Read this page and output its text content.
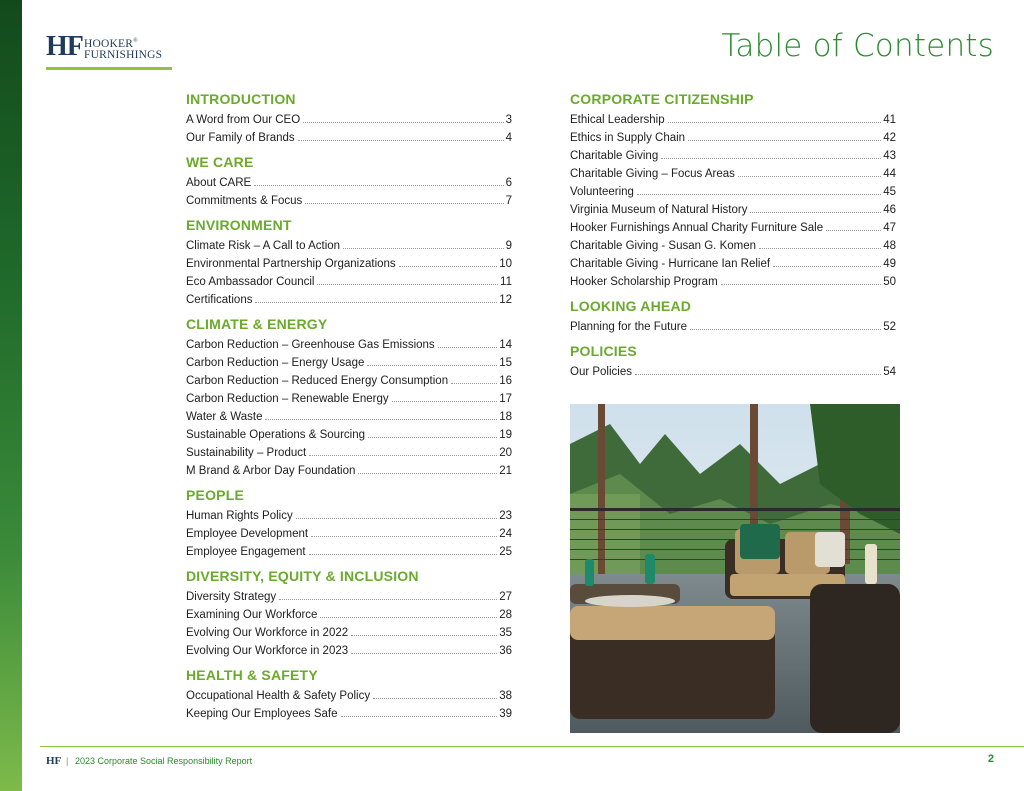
HF HOOKER®
FURNISHINGS	Table of Contents
INTRODUCTION
A Word from Our CEO	3
Our Family of Brands	4
WE CARE
About CARE	6
Commitments & Focus	7
ENVIRONMENT
Climate Risk – A Call to Action	9
Environmental Partnership Organizations	10
Eco Ambassador Council	11
Certifications	12
CLIMATE & ENERGY
Carbon Reduction – Greenhouse Gas Emissions	14
Carbon Reduction – Energy Usage	15
Carbon Reduction – Reduced Energy Consumption	16
Carbon Reduction – Renewable Energy	17
Water & Waste	18
Sustainable Operations & Sourcing	19
Sustainability – Product	20
M Brand & Arbor Day Foundation	21
PEOPLE
Human Rights Policy	23
Employee Development	24
Employee Engagement	25
DIVERSITY, EQUITY & INCLUSION
Diversity Strategy	27
Examining Our Workforce	28
Evolving Our Workforce in 2022	35
Evolving Our Workforce in 2023	36
HEALTH & SAFETY
Occupational Health & Safety Policy	38
Keeping Our Employees Safe	39
CORPORATE CITIZENSHIP
Ethical Leadership	41
Ethics in Supply Chain	42
Charitable Giving	43
Charitable Giving – Focus Areas	44
Volunteering	45
Virginia Museum of Natural History	46
Hooker Furnishings Annual Charity Furniture Sale	47
Charitable Giving - Susan G. Komen	48
Charitable Giving - Hurricane Ian Relief	49
Hooker Scholarship Program	50
LOOKING AHEAD
Planning for the Future	52
POLICIES
Our Policies	54
HF | 2023 Corporate Social Responsibility Report	2
